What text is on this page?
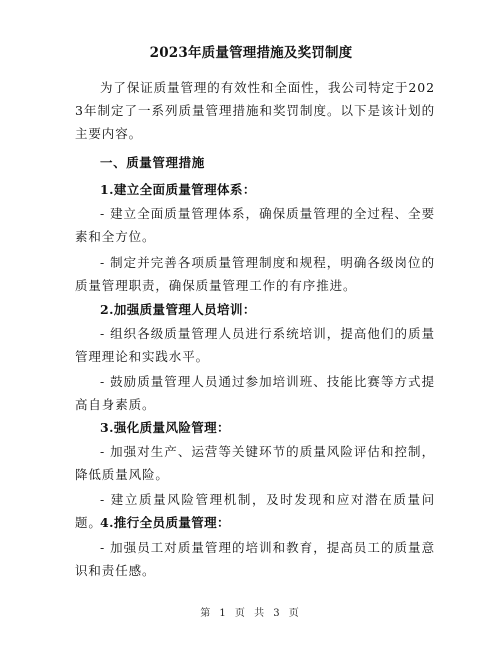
2023年质量管理措施及奖罚制度
为了保证质量管理的有效性和全面性，我公司特定于2023年制定了一系列质量管理措施和奖罚制度。以下是该计划的主要内容。
一、质量管理措施
1.建立全面质量管理体系：
- 建立全面质量管理体系，确保质量管理的全过程、全要素和全方位。
- 制定并完善各项质量管理制度和规程，明确各级岗位的质量管理职责，确保质量管理工作的有序推进。
2.加强质量管理人员培训：
- 组织各级质量管理人员进行系统培训，提高他们的质量管理理论和实践水平。
- 鼓励质量管理人员通过参加培训班、技能比赛等方式提高自身素质。
3.强化质量风险管理：
- 加强对生产、运营等关键环节的质量风险评估和控制，降低质量风险。
- 建立质量风险管理机制，及时发现和应对潜在质量问题。
4.推行全员质量管理：
- 加强员工对质量管理的培训和教育，提高员工的质量意识和责任感。
第 1 页 共 3 页
